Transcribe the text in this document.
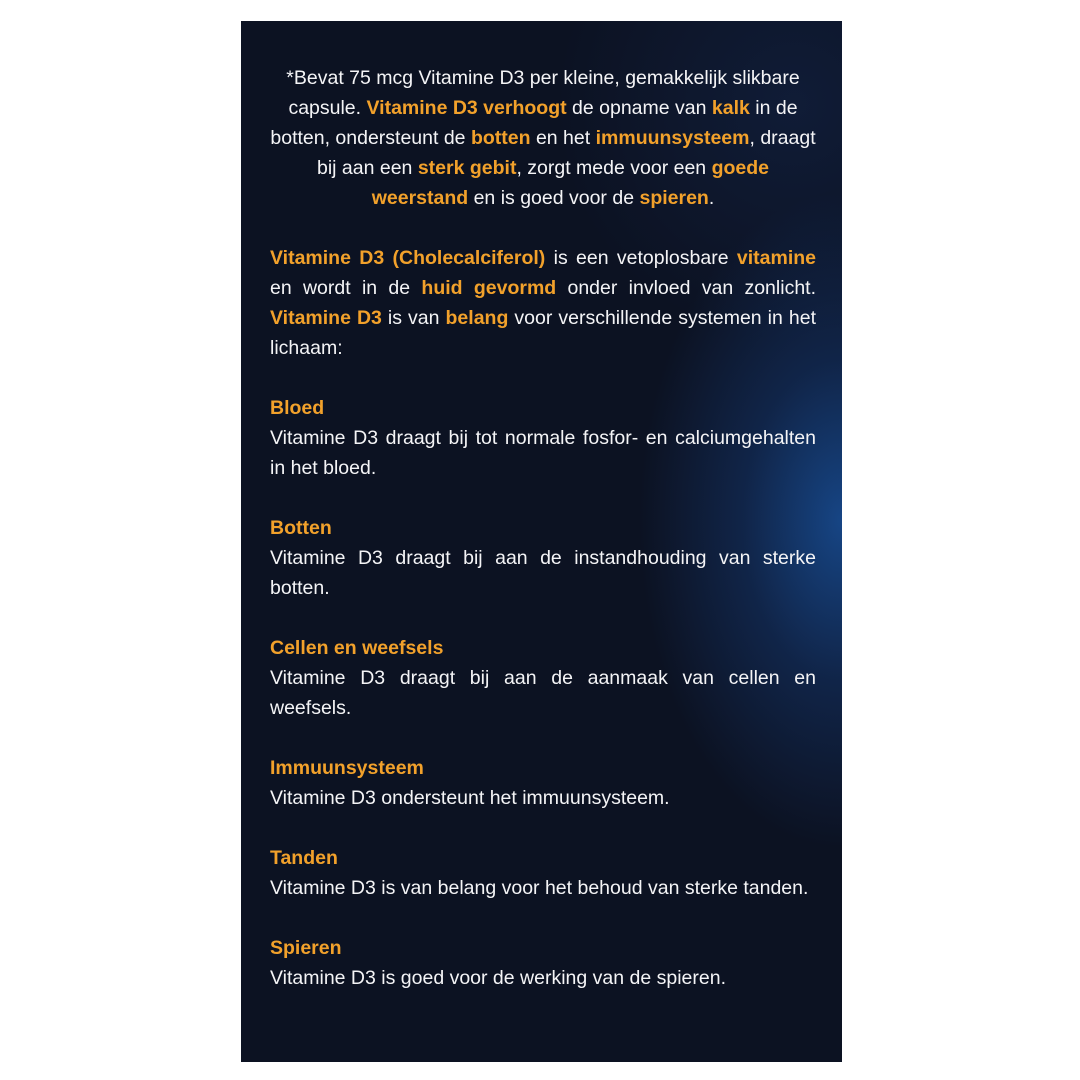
*Bevat 75 mcg Vitamine D3 per kleine, gemakkelijk slikbare capsule. Vitamine D3 verhoogt de opname van kalk in de botten, ondersteunt de botten en het immuunsysteem, draagt bij aan een sterk gebit, zorgt mede voor een goede weerstand en is goed voor de spieren.

Vitamine D3 (Cholecalciferol) is een vetoplosbare vitamine en wordt in de huid gevormd onder invloed van zonlicht. Vitamine D3 is van belang voor verschillende systemen in het lichaam:

Bloed

Vitamine D3 draagt bij tot normale fosfor- en calciumgehalten in het bloed.

Botten

Vitamine D3 draagt bij aan de instandhouding van sterke botten.

Cellen en weefsels

Vitamine D3 draagt bij aan de aanmaak van cellen en weefsels.

Immuunsysteem

Vitamine D3 ondersteunt het immuunsysteem.

Tanden

Vitamine D3 is van belang voor het behoud van sterke tanden.

Spieren

Vitamine D3 is goed voor de werking van de spieren.
